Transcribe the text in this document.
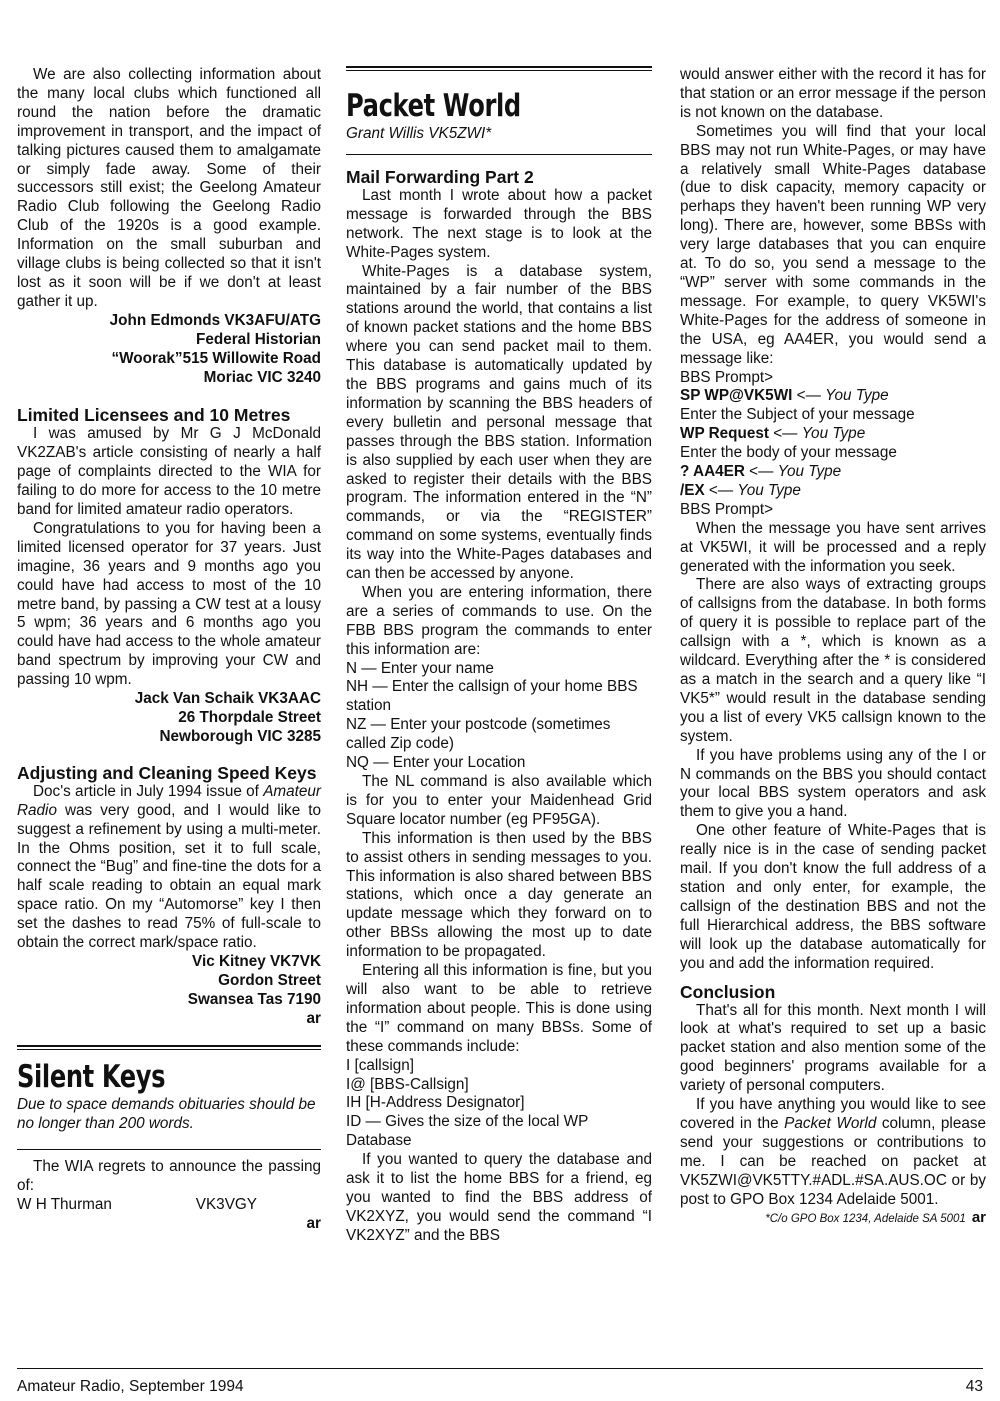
We are also collecting information about the many local clubs which functioned all round the nation before the dramatic improvement in transport, and the impact of talking pictures caused them to amalgamate or simply fade away. Some of their successors still exist; the Geelong Amateur Radio Club following the Geelong Radio Club of the 1920s is a good example. Information on the small suburban and village clubs is being collected so that it isn't lost as it soon will be if we don't at least gather it up.

John Edmonds VK3AFU/ATG

Federal Historian

“Woorak”515 Willowite Road

Moriac VIC 3240

Limited Licensees and 10 Metres

I was amused by Mr G J McDonald VK2ZAB's article consisting of nearly a half page of complaints directed to the WIA for failing to do more for access to the 10 metre band for limited amateur radio operators.

Congratulations to you for having been a limited licensed operator for 37 years. Just imagine, 36 years and 9 months ago you could have had access to most of the 10 metre band, by passing a CW test at a lousy 5 wpm; 36 years and 6 months ago you could have had access to the whole amateur band spectrum by improving your CW and passing 10 wpm.

Jack Van Schaik VK3AAC

26 Thorpdale Street

Newborough VIC 3285

Adjusting and Cleaning Speed Keys

Doc's article in July 1994 issue of Amateur Radio was very good, and I would like to suggest a refinement by using a multi-meter. In the Ohms position, set it to full scale, connect the “Bug” and fine-tine the dots for a half scale reading to obtain an equal mark space ratio. On my “Automorse” key I then set the dashes to read 75% of full-scale to obtain the correct mark/space ratio.

Vic Kitney VK7VK

Gordon Street

Swansea Tas 7190

ar

Silent Keys

Due to space demands obituaries should be no longer than 200 words.

The WIA regrets to announce the passing of:

W H Thurman	VK3VGY

ar

Packet World

Grant Willis VK5ZWI*

Mail Forwarding Part 2

Last month I wrote about how a packet message is forwarded through the BBS network. The next stage is to look at the White-Pages system.

White-Pages is a database system, maintained by a fair number of the BBS stations around the world, that contains a list of known packet stations and the home BBS where you can send packet mail to them. This database is automatically updated by the BBS programs and gains much of its information by scanning the BBS headers of every bulletin and personal message that passes through the BBS station. Information is also supplied by each user when they are asked to register their details with the BBS program. The information entered in the “N” commands, or via the “REGISTER” command on some systems, eventually finds its way into the White-Pages databases and can then be accessed by anyone.

When you are entering information, there are a series of commands to use. On the FBB BBS program the commands to enter this information are:

N — Enter your name

NH — Enter the callsign of your home BBS station

NZ — Enter your postcode (sometimes called Zip code)

NQ — Enter your Location

The NL command is also available which is for you to enter your Maidenhead Grid Square locator number (eg PF95GA).

This information is then used by the BBS to assist others in sending messages to you. This information is also shared between BBS stations, which once a day generate an update message which they forward on to other BBSs allowing the most up to date information to be propagated.

Entering all this information is fine, but you will also want to be able to retrieve information about people. This is done using the “I” command on many BBSs. Some of these commands include:

I [callsign]

I@ [BBS-Callsign]

IH [H-Address Designator]

ID — Gives the size of the local WP Database

If you wanted to query the database and ask it to list the home BBS for a friend, eg you wanted to find the BBS address of VK2XYZ, you would send the command “I VK2XYZ” and the BBS

would answer either with the record it has for that station or an error message if the person is not known on the database.

Sometimes you will find that your local BBS may not run White-Pages, or may have a relatively small White-Pages database (due to disk capacity, memory capacity or perhaps they haven't been running WP very long). There are, however, some BBSs with very large databases that you can enquire at. To do so, you send a message to the “WP” server with some commands in the message. For example, to query VK5WI's White-Pages for the address of someone in the USA, eg AA4ER, you would send a message like:

BBS Prompt>

SP WP@VK5WI <— You Type

Enter the Subject of your message

WP Request <— You Type

Enter the body of your message

? AA4ER <— You Type

/EX <— You Type

BBS Prompt>

When the message you have sent arrives at VK5WI, it will be processed and a reply generated with the information you seek.

There are also ways of extracting groups of callsigns from the database. In both forms of query it is possible to replace part of the callsign with a *, which is known as a wildcard. Everything after the * is considered as a match in the search and a query like “I VK5*” would result in the database sending you a list of every VK5 callsign known to the system.

If you have problems using any of the I or N commands on the BBS you should contact your local BBS system operators and ask them to give you a hand.

One other feature of White-Pages that is really nice is in the case of sending packet mail. If you don't know the full address of a station and only enter, for example, the callsign of the destination BBS and not the full Hierarchical address, the BBS software will look up the database automatically for you and add the information required.

Conclusion

That's all for this month. Next month I will look at what's required to set up a basic packet station and also mention some of the good beginners' programs available for a variety of personal computers.

If you have anything you would like to see covered in the Packet World column, please send your suggestions or contributions to me. I can be reached on packet at VK5ZWI@VK5TTY.#ADL.#SA.AUS.OC or by post to GPO Box 1234 Adelaide 5001.

*C/o GPO Box 1234, Adelaide SA 5001 ar

Amateur Radio, September 1994	43
